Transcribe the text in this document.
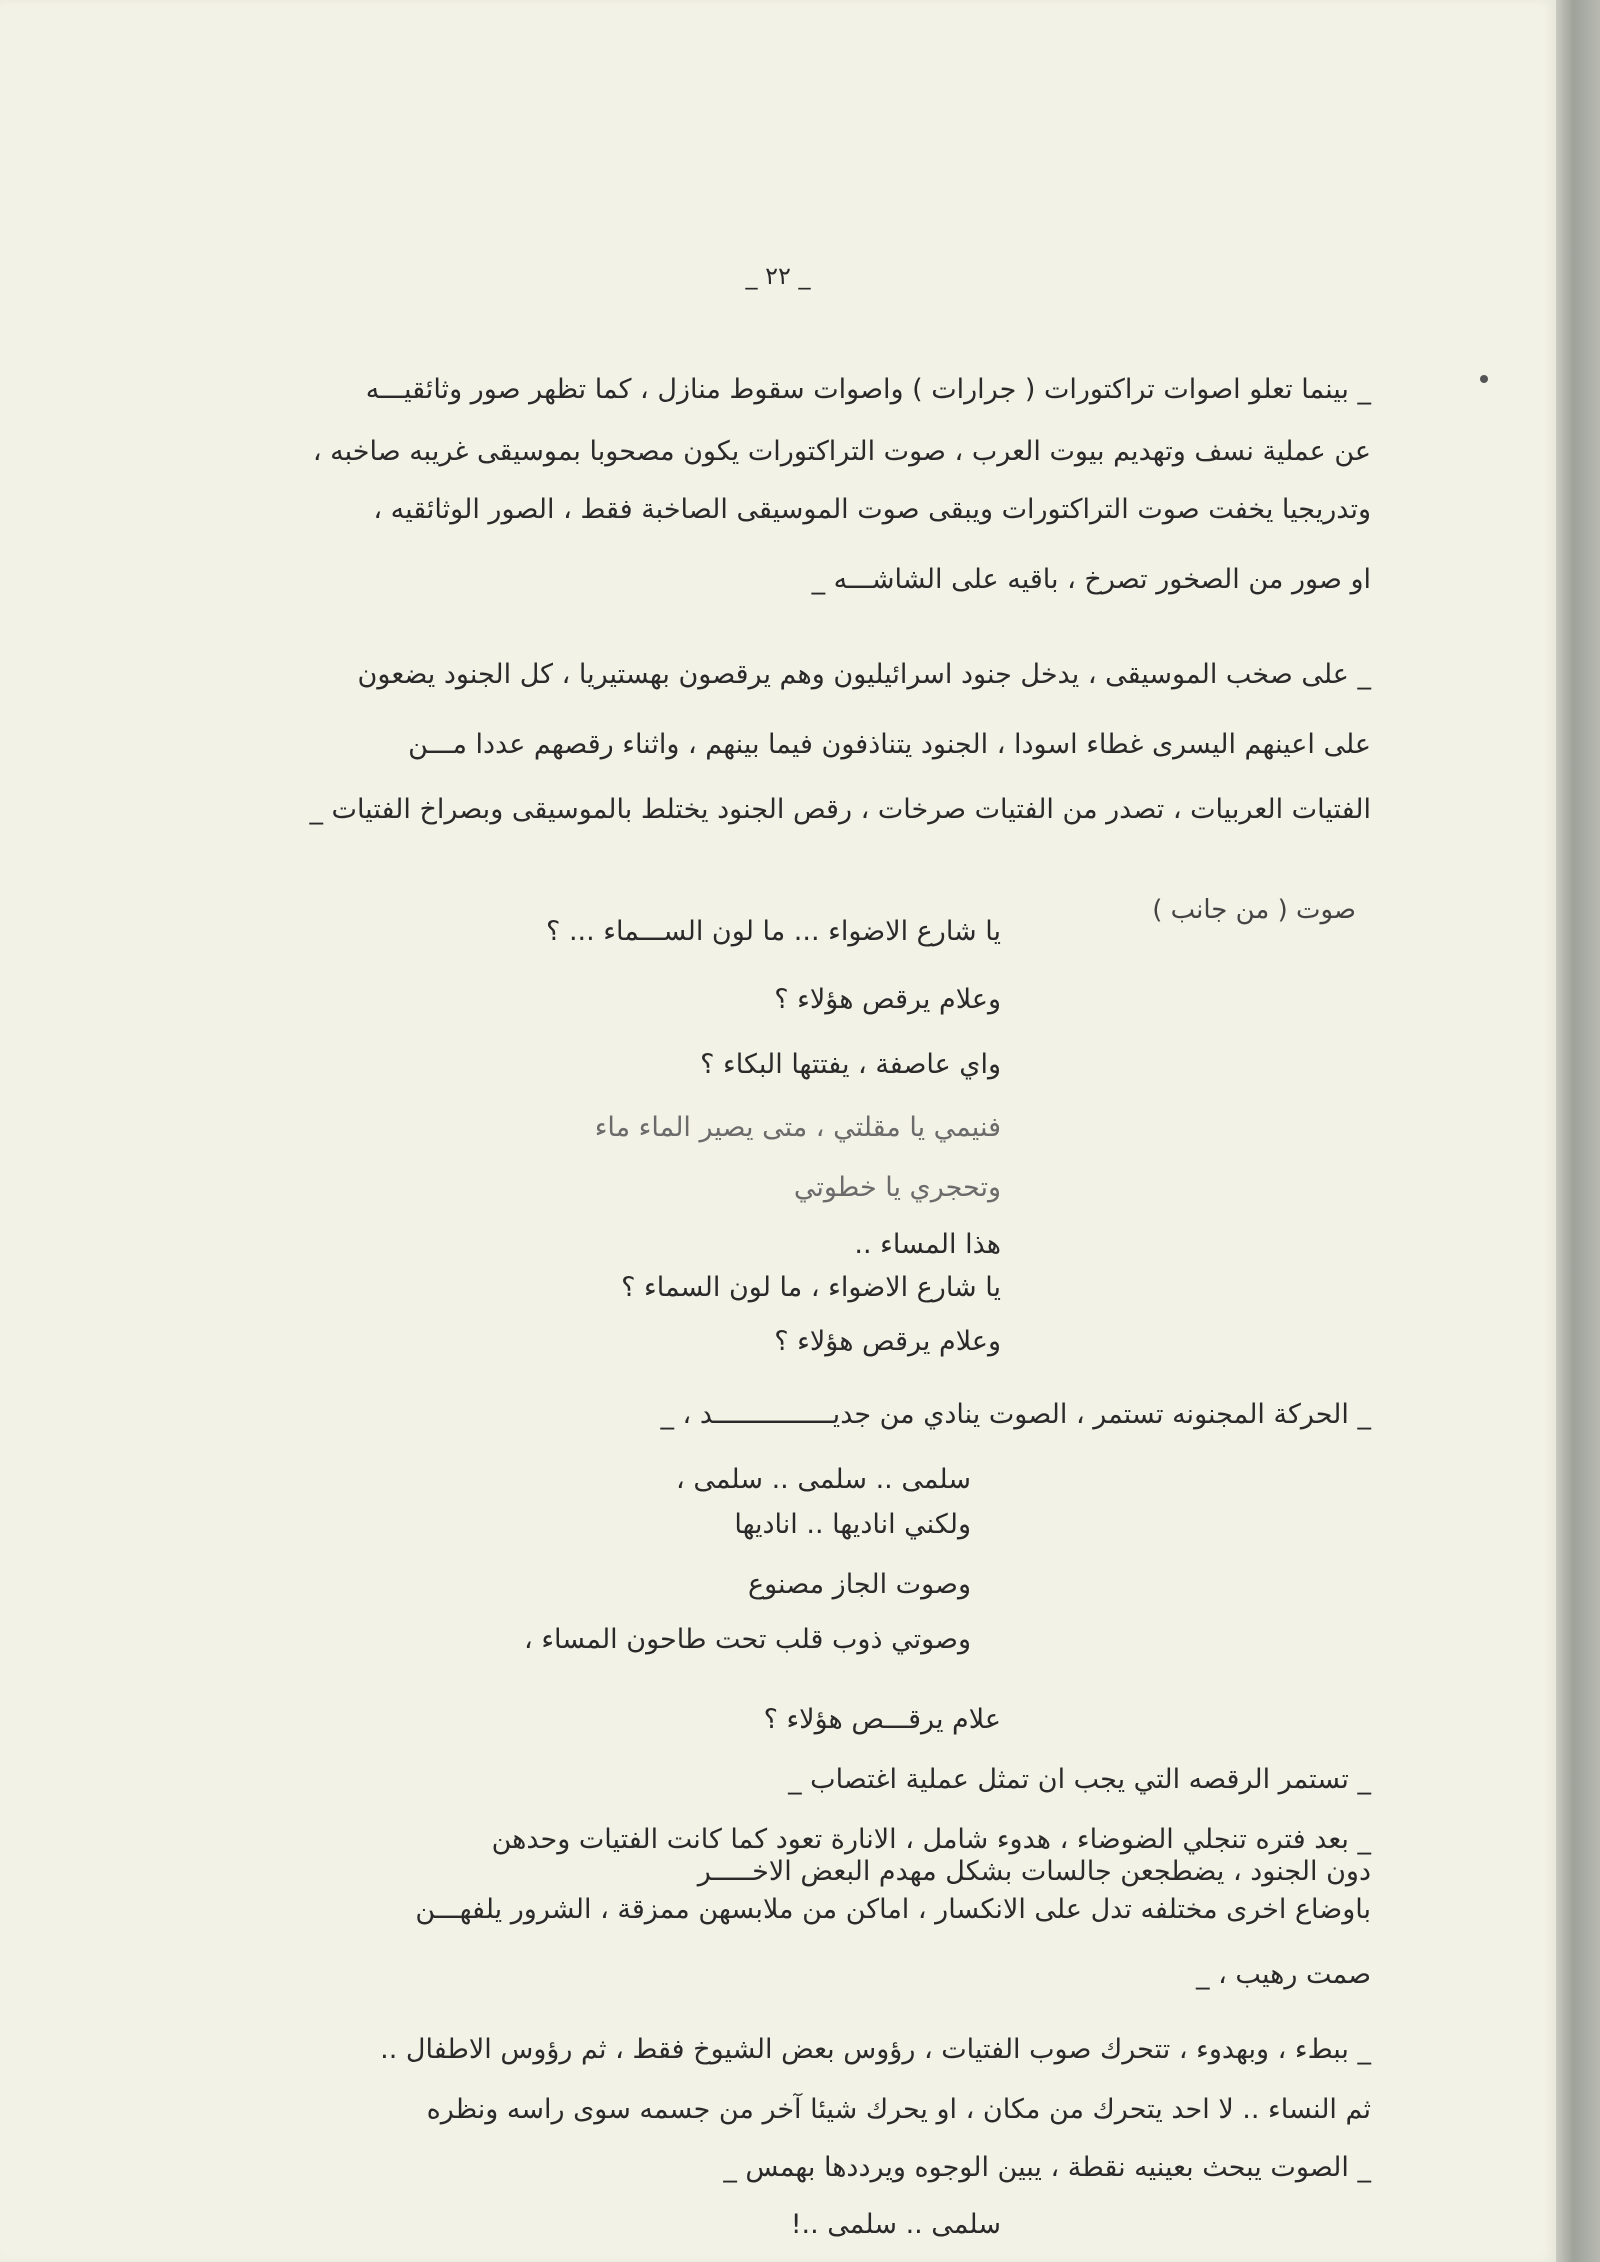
_ ٢٢ _
_ بينما تعلو اصوات تراكتورات ( جرارات ) واصوات سقوط منازل ، كما تظهر صور وثائقيـــه
عن عملية نسف وتهديم بيوت العرب ، صوت التراكتورات يكون مصحوبا بموسيقى غريبه صاخبه ،
وتدريجيا يخفت صوت التراكتورات ويبقى صوت الموسيقى الصاخبة فقط ، الصور الوثائقيه ،
او صور من الصخور تصرخ ، باقيه على الشاشـــه _
_ على صخب الموسيقى ، يدخل جنود اسرائيليون وهم يرقصون بهستيريا ، كل الجنود يضعون
على اعينهم اليسرى غطاء اسودا ، الجنود يتناذفون فيما بينهم ، واثناء رقصهم عددا مـــن
الفتيات العربيات ، تصدر من الفتيات صرخات ، رقص الجنود يختلط بالموسيقى وبصراخ الفتيات _
صوت ( من جانب )
يا شارع الاضواء ... ما لون الســـماء ... ؟
وعلام يرقص هؤلاء ؟
واي عاصفة ، يفتتها البكاء ؟
فنيمي يا مقلتي ، متى يصير الماء ماء
وتحجري يا خطوتي
هذا المساء ..
يا شارع الاضواء ، ما لون السماء ؟
وعلام يرقص هؤلاء ؟
_ الحركة المجنونه تستمر ، الصوت ينادي من جديـــــــــــــــد ، _
سلمى .. سلمى .. سلمى ،
ولكني اناديها .. اناديها
وصوت الجاز مصنوع
وصوتي ذوب قلب تحت طاحون المساء ،
علام يرقـــص هؤلاء ؟
_ تستمر الرقصه التي يجب ان تمثل عملية اغتصاب _
_ بعد فتره تنجلي الضوضاء ، هدوء شامل ، الانارة تعود كما كانت الفتيات وحدهن
دون الجنود ، يضطجعن جالسات بشكل مهدم البعض الاخـــــر
باوضاع اخرى مختلفه تدل على الانكسار ، اماكن من ملابسهن ممزقة ، الشرور يلفهـــن
صمت رهيب ، _
_ ببطء ، وبهدوء ، تتحرك صوب الفتيات ، رؤوس بعض الشيوخ فقط ، ثم رؤوس الاطفال ..
ثم النساء .. لا احد يتحرك من مكان ، او يحرك شيئا آخر من جسمه سوى راسه ونظره
_ الصوت يبحث بعينيه نقطة ، يبين الوجوه ويرددها بهمس _
سلمى .. سلمى ..!
